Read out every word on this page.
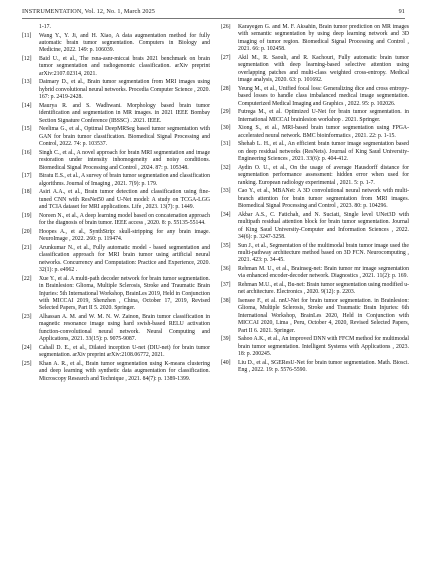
INSTRUMENTATION, Vol. 12, No. 1, March 2025	91
1-17.
[11]	Wang Y., Y. Ji, and H. Xiao, A data augmentation method for fully automatic brain tumor segmentation. Computers in Biology and Medicine, 2022. 149: p. 106039.
[12]	Baid U., et al., The rsna-asnr-miccai brats 2021 benchmark on brain tumor segmentation and radiogenomic classification. arXiv preprint arXiv:2107.02314, 2021.
[13]	Daimary D., et al., Brain tumor segmentation from MRI images using hybrid convolutional neural networks. Procedia Computer Science , 2020. 167: p. 2419-2428.
[14]	Maurya R. and S. Wadhwani. Morphology based brain tumor identification and segmentation in MR images. in 2021 IEEE Bombay Section Signature Conference (IBSSC) . 2021. IEEE.
[15]	Neelima G., et al., Optimal DeepMRSeg based tumor segmentation with GAN for brain tumor classification. Biomedical Signal Processing and Control, 2022. 74: p. 103537.
[16]	Singh C., et al., A novel approach for brain MRI segmentation and image restoration under intensity inhomogeneity and noisy conditions. Biomedical Signal Processing and Control , 2024. 87: p. 105348.
[17]	Biratu E.S., et al., A survey of brain tumor segmentation and classification algorithms. Journal of Imaging , 2021. 7(9): p. 179.
[18]	Asiri A.A., et al., Brain tumor detection and classification using fine-tuned CNN with ResNet50 and U-Net model: A study on TCGA-LGG and TCIA dataset for MRI applications. Life , 2023. 13(7): p. 1449.
[19]	Noreen N., et al., A deep learning model based on concatenation approach for the diagnosis of brain tumor. IEEE access , 2020. 8: p. 55135-55144.
[20]	Hoopes A., et al., SynthStrip: skull-stripping for any brain image. NeuroImage , 2022. 260: p. 119474.
[21]	Arunkumar N., et al., Fully automatic model - based segmentation and classification approach for MRI brain tumor using artificial neural networks. Concurrency and Computation: Practice and Experience, 2020. 32(1): p. e4962 .
[22]	Xue Y., et al. A multi-path decoder network for brain tumor segmentation. in Brainlesion: Glioma, Multiple Sclerosis, Stroke and Traumatic Brain Injuries: 5th International Workshop, BrainLes 2019, Held in Conjunction with MICCAI 2019, Shenzhen , China, October 17, 2019, Revised Selected Papers, Part II 5. 2020. Springer.
[23]	Alhassan A. M. and W. M. N. W. Zainon, Brain tumor classification in magnetic resonance image using hard swish-based RELU activation function-convolutional neural network. Neural Computing and Applications, 2021. 33(15): p. 9075-9087.
[24]	Cahall D. E., et al., Dilated inception U-net (DIU-net) for brain tumor segmentation. arXiv preprint arXiv:2108.06772, 2021.
[25]	Khan A. R., et al., Brain tumor segmentation using K-means clustering and deep learning with synthetic data augmentation for classification. Microscopy Research and Technique , 2021. 84(7): p. 1389-1399.
[26]	Karayegen G. and M. F. Aksahin, Brain tumor prediction on MR images with semantic segmentation by using deep learning network and 3D imaging of tumor region. Biomedical Signal Processing and Control , 2021. 66: p. 102458.
[27]	Akil M., R. Saouli, and R. Kachouri, Fully automatic brain tumor segmentation with deep learning-based selective attention using overlapping patches and multi-class weighted cross-entropy. Medical image analysis, 2020. 63: p. 101692.
[28]	Yeung M., et al., Unified focal loss: Generalizing dice and cross entropy-based losses to handle class imbalanced medical image segmentation. Computerized Medical Imaging and Graphics , 2022. 95: p. 102026.
[29]	Futrega M., et al. Optimized U-Net for brain tumor segmentation. in International MICCAI brainlesion workshop . 2021. Springer.
[30]	Xiong S., et al., MRI-based brain tumor segmentation using FPGA-accelerated neural network. BMC bioinformatics , 2021. 22: p. 1-15.
[31]	Shehab L. H., et al., An efficient brain tumor image segmentation based on deep residual networks (ResNets). Journal of King Saud University-Engineering Sciences , 2021. 33(6): p. 404-412.
[32]	Aydin O. U., et al., On the usage of average Hausdorff distance for segmentation performance assessment: hidden error when used for ranking. European radiology experimental , 2021. 5: p. 1-7.
[33]	Cao Y., et al., MBANet: A 3D convolutional neural network with multi-branch attention for brain tumor segmentation from MRI images. Biomedical Signal Processing and Control , 2023. 80: p. 104296.
[34]	Akbar A.S., C. Fatichah, and N. Suciati, Single level UNet3D with multipath residual attention block for brain tumor segmentation. Journal of King Saud University-Computer and Information Sciences , 2022. 34(6): p. 3247-3258.
[35]	Sun J., et al., Segmentation of the multimodal brain tumor image used the multi-pathway architecture method based on 3D FCN. Neurocomputing , 2021. 423: p. 34-45.
[36]	Rehman M. U., et al., Brainseg-net: Brain tumor mr image segmentation via enhanced encoder-decoder network. Diagnostics , 2021. 11(2): p. 169.
[37]	Rehman M.U., et al., Bu-net: Brain tumor segmentation using modified u-net architecture. Electronics , 2020. 9(12): p. 2203.
[38]	Isensee F., et al. nnU-Net for brain tumor segmentation. in Brainlesion: Glioma, Multiple Sclerosis, Stroke and Traumatic Brain Injuries: 6th International Workshop, BrainLes 2020, Held in Conjunction with MICCAI 2020, Lima , Peru, October 4, 2020, Revised Selected Papers, Part II 6. 2021. Springer.
[39]	Sahoo A.K., et al., An improved DNN with FFCM method for multimodal brain tumor segmentation. Intelligent Systems with Applications , 2023. 18: p. 200245.
[40]	Liu D., et al., SGEResU-Net for brain tumor segmentation. Math. Biosci. Eng , 2022. 19: p. 5576-5590.
